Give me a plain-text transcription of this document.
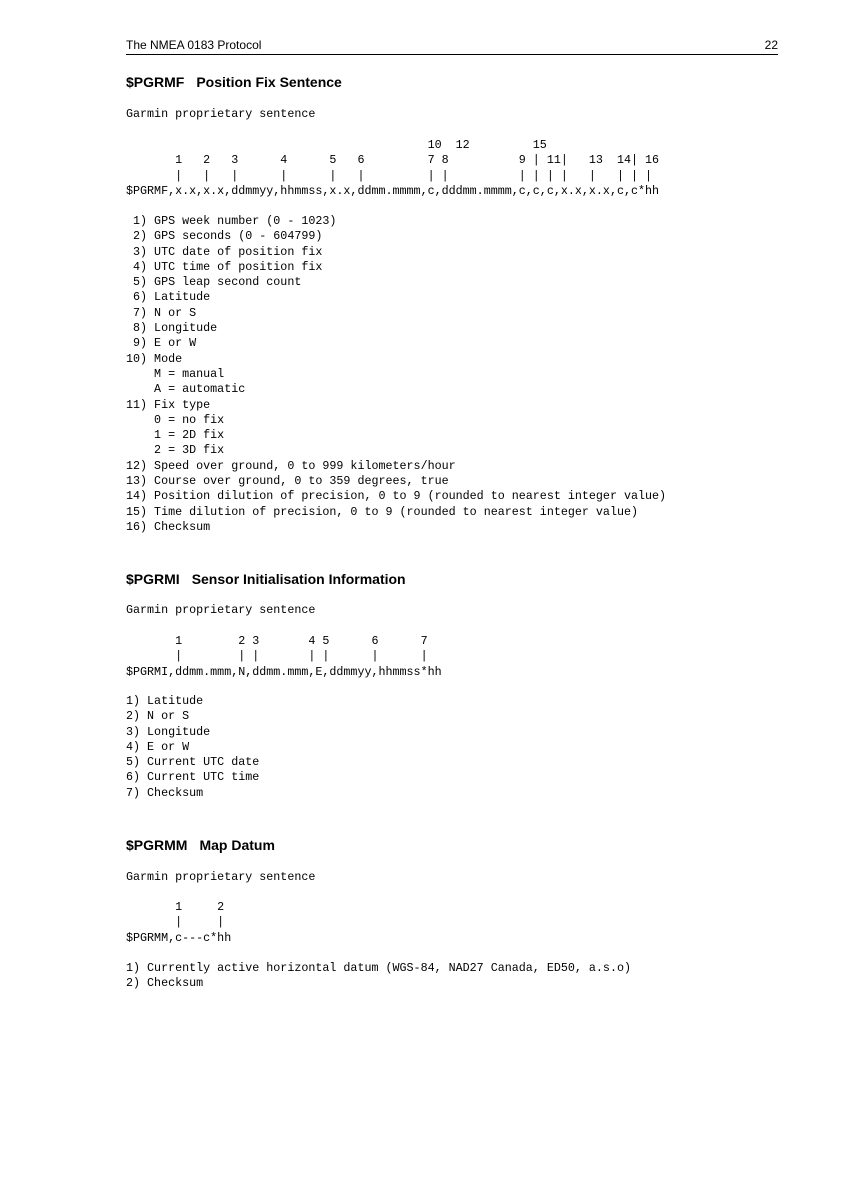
The NMEA 0183 Protocol	22
$PGRMF Position Fix Sentence
Garmin proprietary sentence
10  12         15
1   2   3      4      5   6         7 8          9 | 11|   13  14| 16
|   |   |      |      |   |         | |          | | | |   |   | | |
$PGRMF,x.x,x.x,ddmmyy,hhmmss,x.x,ddmm.mmmm,c,dddmm.mmmm,c,c,c,x.x,x.x,c,c*hh
1) GPS week number (0 - 1023)
2) GPS seconds (0 - 604799)
3) UTC date of position fix
4) UTC time of position fix
5) GPS leap second count
6) Latitude
7) N or S
8) Longitude
9) E or W
10) Mode
M = manual
A = automatic
11) Fix type
0 = no fix
1 = 2D fix
2 = 3D fix
12) Speed over ground, 0 to 999 kilometers/hour
13) Course over ground, 0 to 359 degrees, true
14) Position dilution of precision, 0 to 9 (rounded to nearest integer value)
15) Time dilution of precision, 0 to 9 (rounded to nearest integer value)
16) Checksum
$PGRMI Sensor Initialisation Information
Garmin proprietary sentence
1        2 3       4 5      6      7
|        | |       | |      |      |
$PGRMI,ddmm.mmm,N,ddmm.mmm,E,ddmmyy,hhmmss*hh
1) Latitude
2) N or S
3) Longitude
4) E or W
5) Current UTC date
6) Current UTC time
7) Checksum
$PGRMM Map Datum
Garmin proprietary sentence
1     2
|     |
$PGRMM,c---c*hh
1) Currently active horizontal datum (WGS-84, NAD27 Canada, ED50, a.s.o)
2) Checksum
